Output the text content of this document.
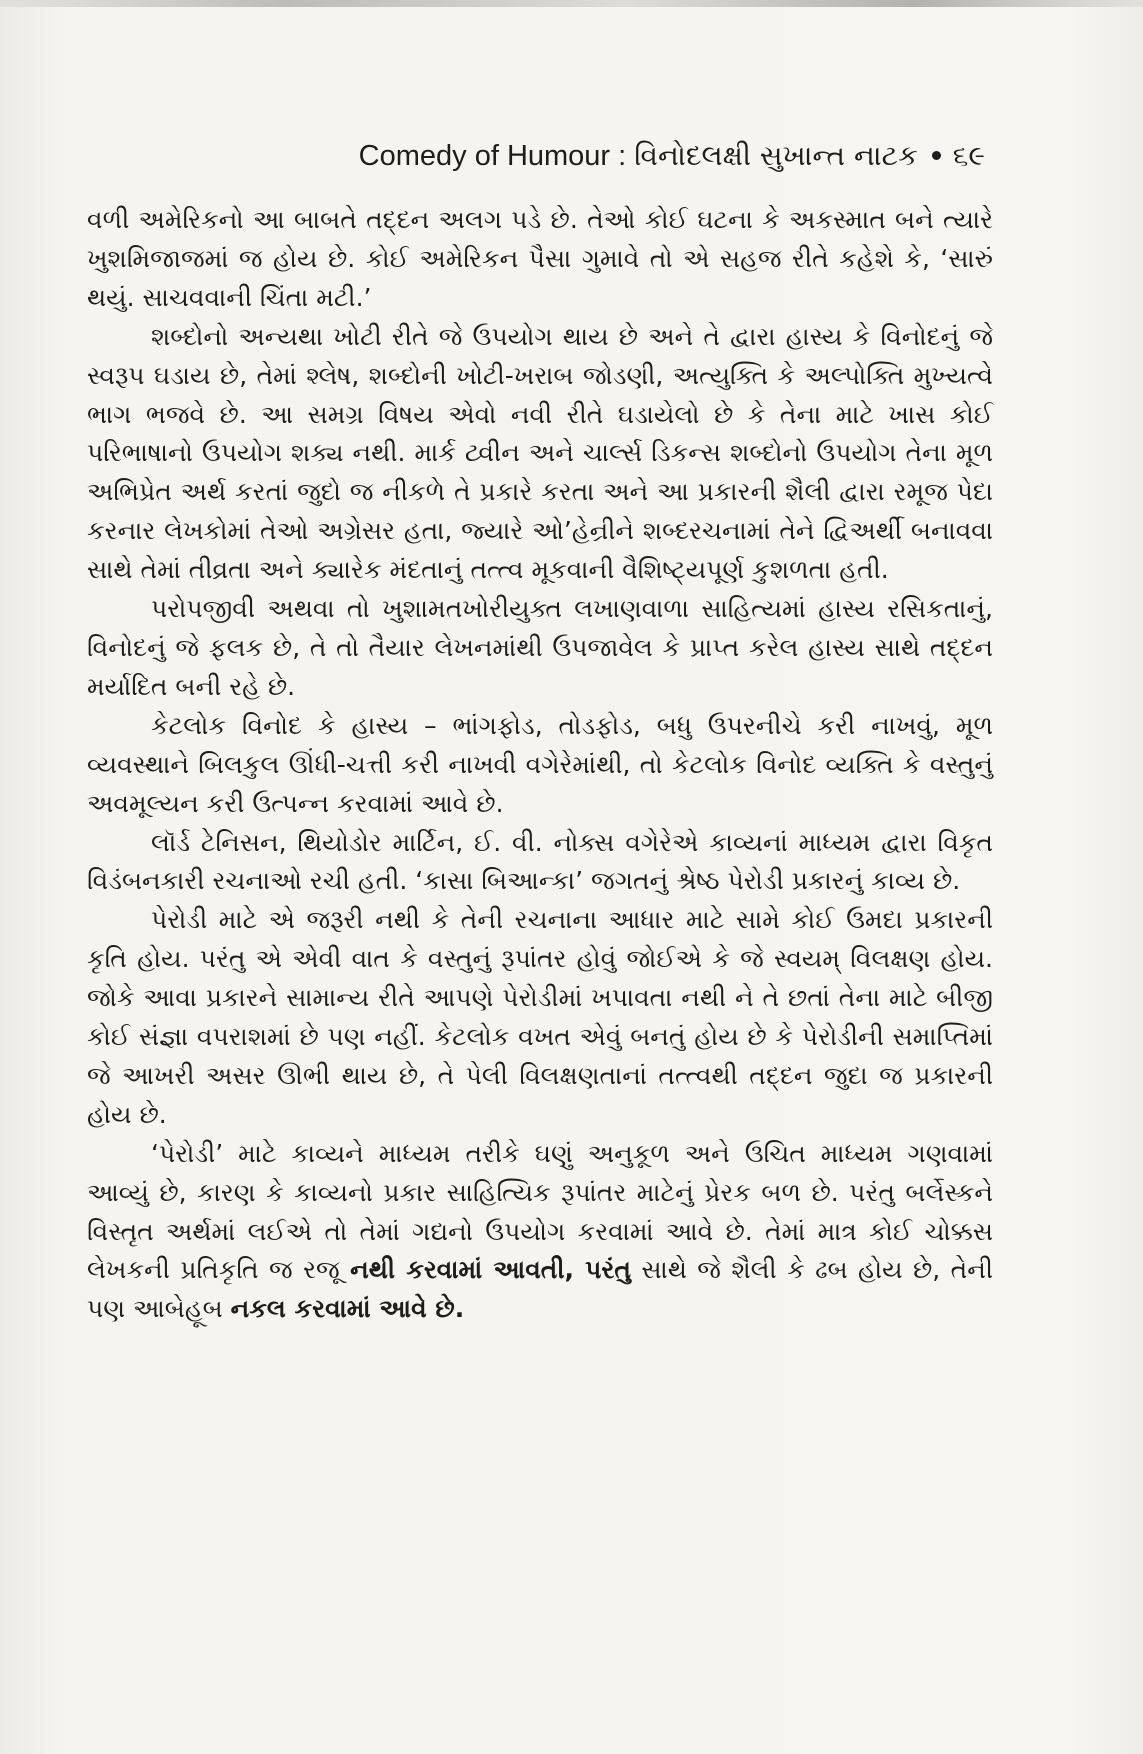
Comedy of Humour : વિનોદલક્ષી સુખાન્ત નાટક ૬૯

વળી અમેરિકનો આ બાબતે તદ્દન અલગ પડે છે. તેઓ કોઈ ઘટના કે અકસ્માત બને ત્યારે ખુશમિજાજમાં જ હોય છે. કોઈ અમેરિકન પૈસા ગુમાવે તો એ સહજ રીતે કહેશે કે, ‘સારું થયું. સાચવવાની ચિંતા મટી.’

શબ્દોનો અન્યથા ખોટી રીતે જે ઉપયોગ થાય છે અને તે દ્વારા હાસ્ય કે વિનોદનું જે સ્વરૂપ ઘડાય છે, તેમાં શ્લેષ, શબ્દોની ખોટી-ખરાબ જોડણી, અત્યુક્તિ કે અલ્પોક્તિ મુખ્યત્વે ભાગ ભજવે છે. આ સમગ્ર વિષય એવો નવી રીતે ઘડાયેલો છે કે તેના માટે ખાસ કોઈ પરિભાષાનો ઉપયોગ શક્ય નથી. માર્ક ટ્વીન અને ચાર્લ્સ ડિકન્સ શબ્દોનો ઉપયોગ તેના મૂળ અભિપ્રેત અર્થ કરતાં જુદો જ નીકળે તે પ્રકારે કરતા અને આ પ્રકારની શૈલી દ્વારા રમૂજ પેદા કરનાર લેખકોમાં તેઓ અગ્રેસર હતા, જ્યારે ઓ’હેન્રીને શબ્દરચનામાં તેને દ્વિઅર્થી બનાવવા સાથે તેમાં તીવ્રતા અને ક્યારેક મંદતાનું તત્ત્વ મૂકવાની વૈશિષ્ટ્યપૂર્ણ કુશળતા હતી.

પરોપજીવી અથવા તો ખુશામતખોરીયુક્ત લખાણવાળા સાહિત્યમાં હાસ્ય રસિકતાનું, વિનોદનું જે ફલક છે, તે તો તૈયાર લેખનમાંથી ઉપજાવેલ કે પ્રાપ્ત કરેલ હાસ્ય સાથે તદ્દન મર્યાદિત બની રહે છે.

કેટલોક વિનોદ કે હાસ્ય – ભાંગફોડ, તોડફોડ, બધુ ઉપરનીચે કરી નાખવું, મૂળ વ્યવસ્થાને બિલકુલ ઊંધી-ચત્તી કરી નાખવી વગેરેમાંથી, તો કેટલોક વિનોદ વ્યક્તિ કે વસ્તુનું અવમૂલ્યન કરી ઉત્પન્ન કરવામાં આવે છે.

લૉર્ડ ટેનિસન, થિયોડોર માર્ટિન, ઈ. વી. નોક્સ વગેરેએ કાવ્યનાં માધ્યમ દ્વારા વિકૃત વિડંબનકારી રચનાઓ રચી હતી. ‘કાસા બિઆન્કા’ જગતનું શ્રેષ્ઠ પેરોડી પ્રકારનું કાવ્ય છે.

પેરોડી માટે એ જરૂરી નથી કે તેની રચનાના આધાર માટે સામે કોઈ ઉમદા પ્રકારની કૃતિ હોય. પરંતુ એ એવી વાત કે વસ્તુનું રૂપાંતર હોવું જોઈએ કે જે સ્વયમ્ વિલક્ષણ હોય. જોકે આવા પ્રકારને સામાન્ય રીતે આપણે પેરોડીમાં ખપાવતા નથી ને તે છતાં તેના માટે બીજી કોઈ સંજ્ઞા વપરાશમાં છે પણ નહીં. કેટલોક વખત એવું બનતું હોય છે કે પેરોડીની સમાપ્તિમાં જે આખરી અસર ઊભી થાય છે, તે પેલી વિલક્ષણતાનાં તત્ત્વથી તદ્દન જુદા જ પ્રકારની હોય છે.

‘પેરોડી’ માટે કાવ્યને માધ્યમ તરીકે ઘણું અનુકૂળ અને ઉચિત માધ્યમ ગણવામાં આવ્યું છે, કારણ કે કાવ્યનો પ્રકાર સાહિત્યિક રૂપાંતર માટેનું પ્રેરક બળ છે. પરંતુ બર્લેસ્કને વિસ્તૃત અર્થમાં લઈએ તો તેમાં ગદ્યનો ઉપયોગ કરવામાં આવે છે. તેમાં માત્ર કોઈ ચોક્કસ લેખકની પ્રતિકૃતિ જ રજૂ નથી કરવામાં આવતી, પરંતુ સાથે જે શૈલી કે ઢબ હોય છે, તેની પણ આબેહૂબ નકલ કરવામાં આવે છે.
